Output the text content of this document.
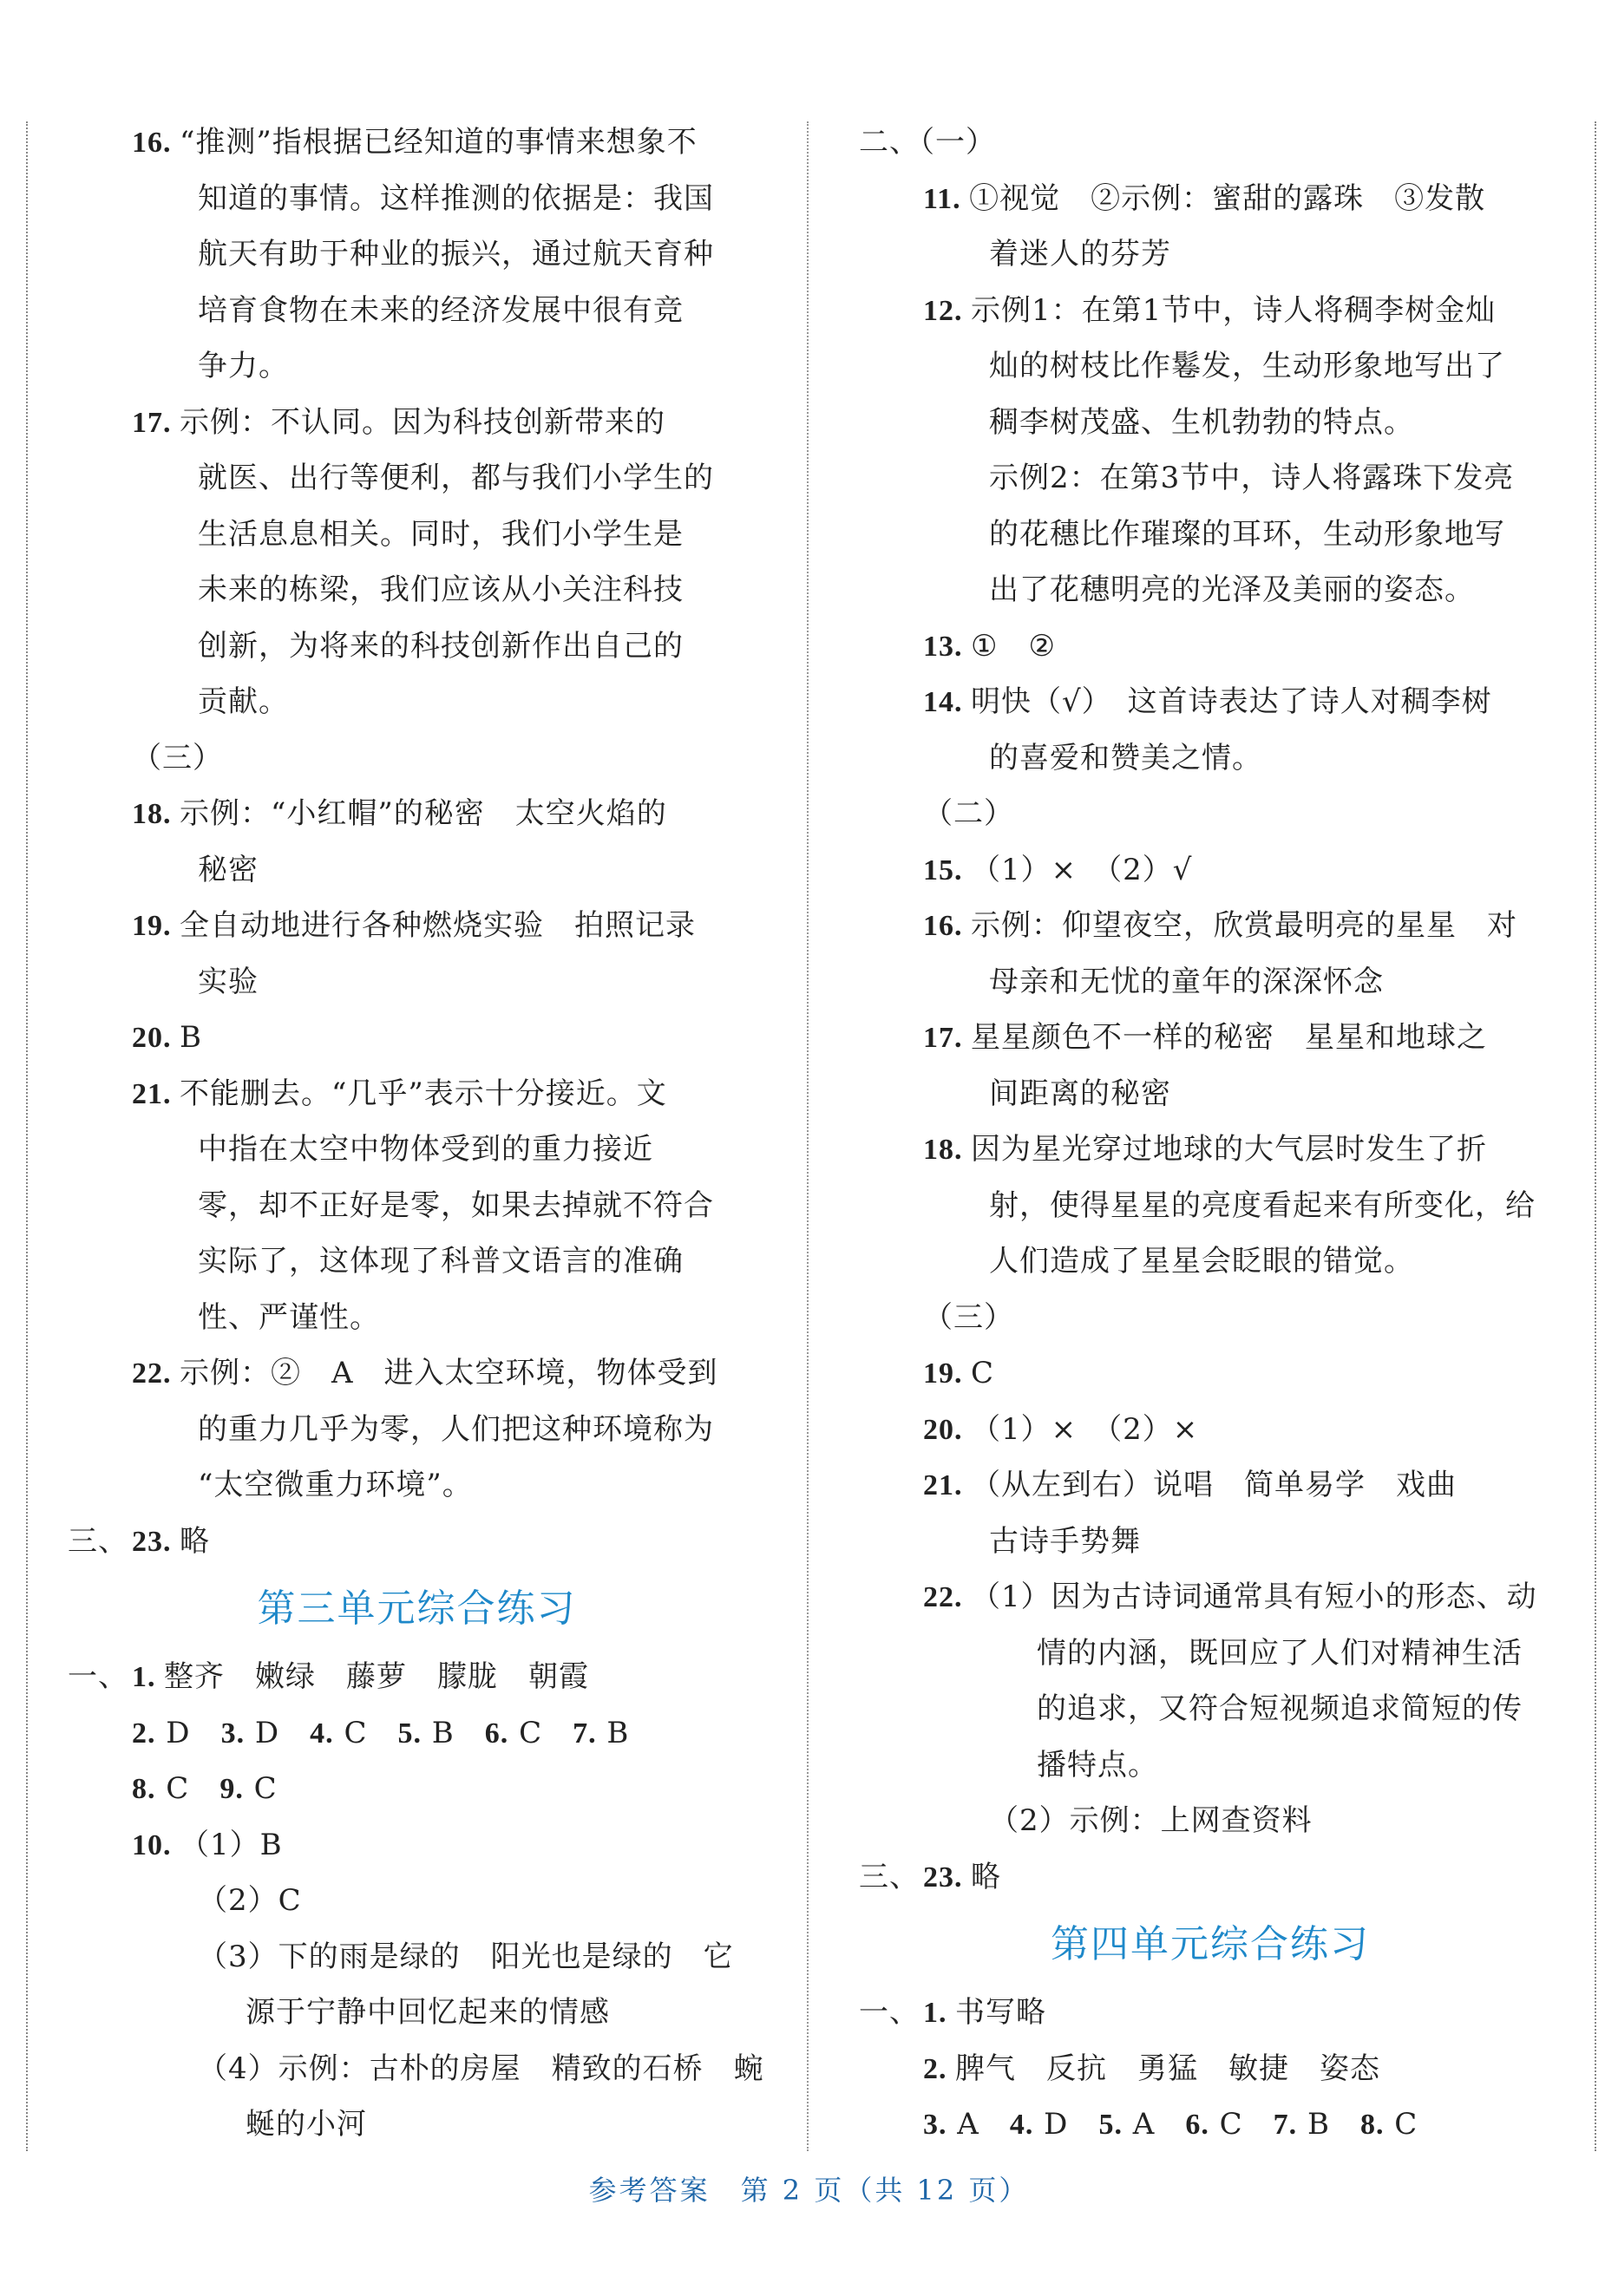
16. “推测”指根据已经知道的事情来想象不
知道的事情。这样推测的依据是：我国
航天有助于种业的振兴，通过航天育种
培育食物在未来的经济发展中很有竞
争力。
17. 示例：不认同。因为科技创新带来的
就医、出行等便利，都与我们小学生的
生活息息相关。同时，我们小学生是
未来的栋梁，我们应该从小关注科技
创新，为将来的科技创新作出自己的
贡献。
（三）
18. 示例：“小红帽”的秘密　太空火焰的
秘密
19. 全自动地进行各种燃烧实验　拍照记录
实验
20. B
21. 不能删去。“几乎”表示十分接近。文
中指在太空中物体受到的重力接近
零，却不正好是零，如果去掉就不符合
实际了，这体现了科普文语言的准确
性、严谨性。
22. 示例：②　A　进入太空环境，物体受到
的重力几乎为零，人们把这种环境称为
“太空微重力环境”。
三、 23. 略
第三单元综合练习
一、 1. 整齐　嫩绿　藤萝　朦胧　朝霞
2. D　3. D　4. C　5. B　6. C　7. B
8. C　9. C
10. （1）B
（2）C
（3）下的雨是绿的　阳光也是绿的　它
源于宁静中回忆起来的情感
（4）示例：古朴的房屋　精致的石桥　蜿
蜒的小河
二、（一）
11. ①视觉　②示例：蜜甜的露珠　③发散
着迷人的芬芳
12. 示例1：在第1节中，诗人将稠李树金灿
灿的树枝比作鬈发，生动形象地写出了
稠李树茂盛、生机勃勃的特点。
示例2：在第3节中，诗人将露珠下发亮
的花穗比作璀璨的耳环，生动形象地写
出了花穗明亮的光泽及美丽的姿态。
13. ①　②
14. 明快（√）　这首诗表达了诗人对稠李树
的喜爱和赞美之情。
（二）
15. （1）×　（2）√
16. 示例：仰望夜空，欣赏最明亮的星星　对
母亲和无忧的童年的深深怀念
17. 星星颜色不一样的秘密　星星和地球之
间距离的秘密
18. 因为星光穿过地球的大气层时发生了折
射，使得星星的亮度看起来有所变化，给
人们造成了星星会眨眼的错觉。
（三）
19. C
20. （1）×　（2）×
21. （从左到右）说唱　简单易学　戏曲
古诗手势舞
22. （1）因为古诗词通常具有短小的形态、动
情的内涵，既回应了人们对精神生活
的追求，又符合短视频追求简短的传
播特点。
（2）示例：上网查资料
三、 23. 略
第四单元综合练习
一、 1. 书写略
2. 脾气　反抗　勇猛　敏捷　姿态
3. A　4. D　5. A　6. C　7. B　8. C
参考答案　第 2 页（共 12 页）
